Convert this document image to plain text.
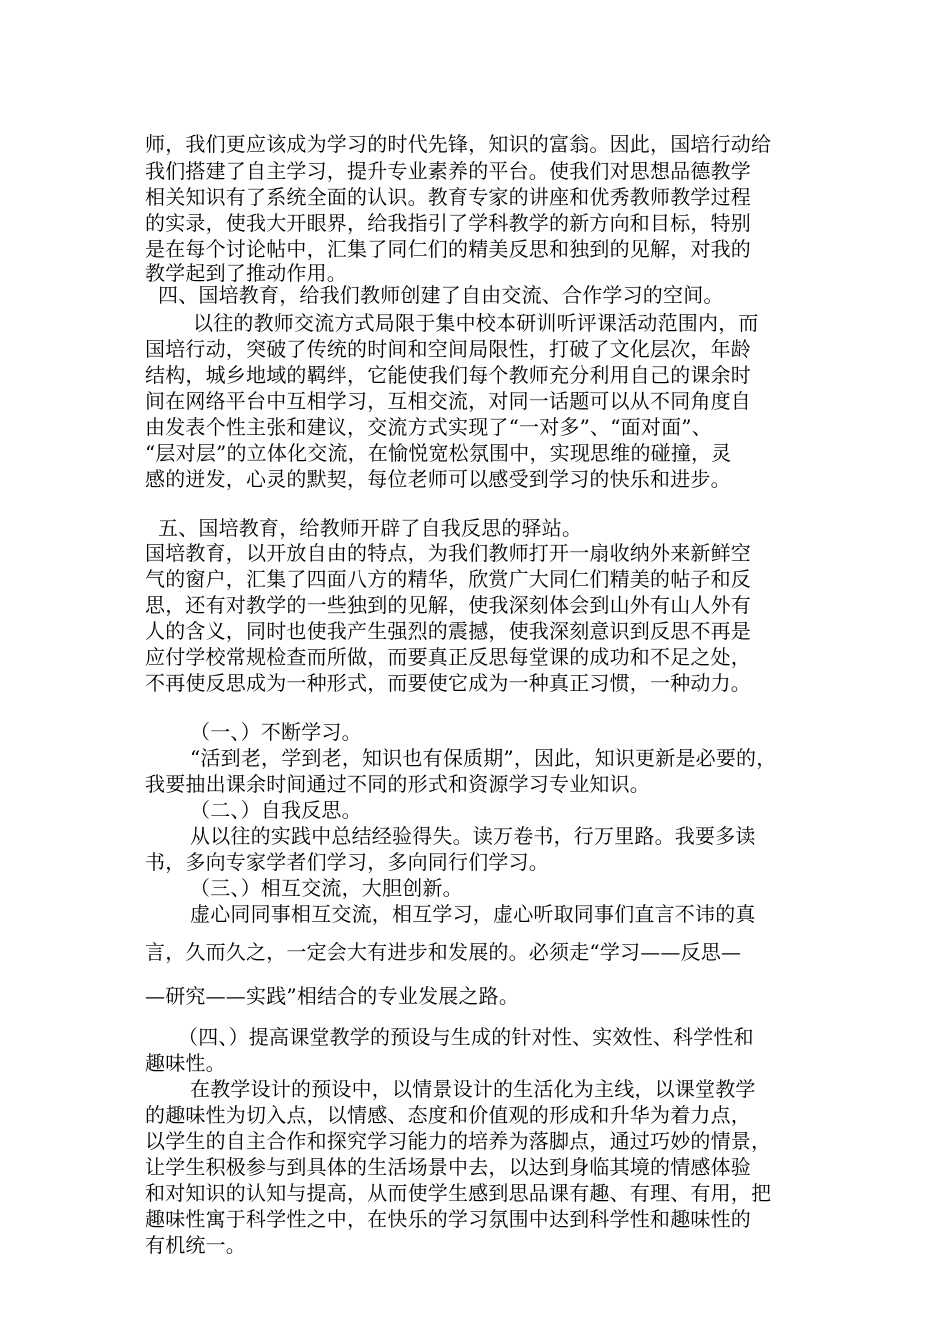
师，我们更应该成为学习的时代先锋，知识的富翁。因此，国培行动给
我们搭建了自主学习，提升专业素养的平台。使我们对思想品德教学
相关知识有了系统全面的认识。教育专家的讲座和优秀教师教学过程
的实录，使我大开眼界，给我指引了学科教学的新方向和目标，特别
是在每个讨论帖中，汇集了同仁们的精美反思和独到的见解，对我的
教学起到了推动作用。
四、国培教育，给我们教师创建了自由交流、合作学习的空间。
以往的教师交流方式局限于集中校本研训听评课活动范围内，而
国培行动，突破了传统的时间和空间局限性，打破了文化层次，年龄
结构，城乡地域的羁绊，它能使我们每个教师充分利用自己的课余时
间在网络平台中互相学习，互相交流，对同一话题可以从不同角度自
由发表个性主张和建议，交流方式实现了“一对多”、“面对面”、
“层对层”的立体化交流，在愉悦宽松氛围中，实现思维的碰撞，灵
感的迸发，心灵的默契，每位老师可以感受到学习的快乐和进步。
五、国培教育，给教师开辟了自我反思的驿站。
国培教育，以开放自由的特点，为我们教师打开一扇收纳外来新鲜空
气的窗户，汇集了四面八方的精华，欣赏广大同仁们精美的帖子和反
思，还有对教学的一些独到的见解，使我深刻体会到山外有山人外有
人的含义，同时也使我产生强烈的震撼，使我深刻意识到反思不再是
应付学校常规检查而所做，而要真正反思每堂课的成功和不足之处，
不再使反思成为一种形式，而要使它成为一种真正习惯，一种动力。
（一、）不断学习。
“活到老，学到老，知识也有保质期”，因此，知识更新是必要的，
我要抽出课余时间通过不同的形式和资源学习专业知识。
（二、）自我反思。
从以往的实践中总结经验得失。读万卷书，行万里路。我要多读
书，多向专家学者们学习，多向同行们学习。
（三、）相互交流，大胆创新。
虚心同同事相互交流，相互学习，虚心听取同事们直言不讳的真
言，久而久之，一定会大有进步和发展的。必须走“学习——反思—
—研究——实践”相结合的专业发展之路。
（四、）提高课堂教学的预设与生成的针对性、实效性、科学性和
趣味性。
在教学设计的预设中，以情景设计的生活化为主线，以课堂教学
的趣味性为切入点，以情感、态度和价值观的形成和升华为着力点，
以学生的自主合作和探究学习能力的培养为落脚点，通过巧妙的情景，
让学生积极参与到具体的生活场景中去，以达到身临其境的情感体验
和对知识的认知与提高，从而使学生感到思品课有趣、有理、有用，把
趣味性寓于科学性之中，在快乐的学习氛围中达到科学性和趣味性的
有机统一。
